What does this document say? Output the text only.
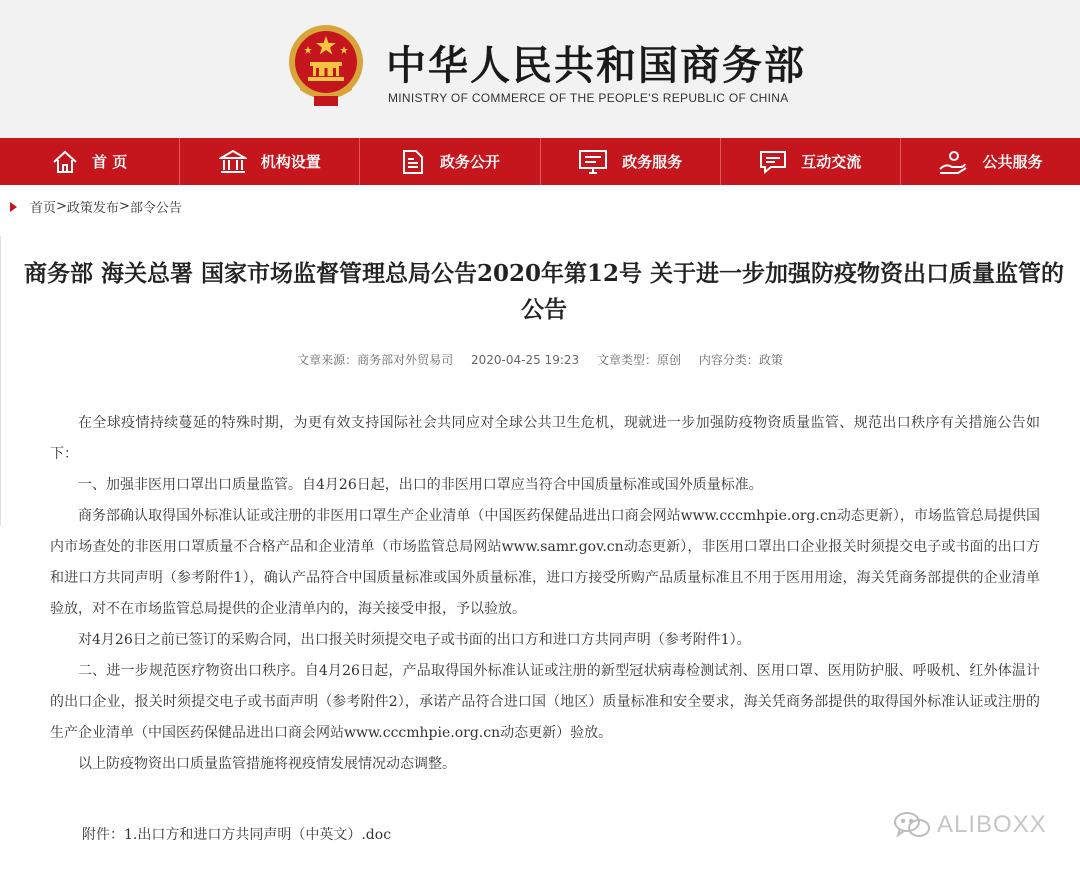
中华人民共和国商务部
MINISTRY OF COMMERCE OF THE PEOPLE'S REPUBLIC OF CHINA
首 页	机构设置	政务公开	政务服务	互动交流	公共服务
首页 > 政策发布 > 部令公告
商务部 海关总署 国家市场监督管理总局公告2020年第12号 关于进一步加强防疫物资出口质量监管的公告
文章来源：商务部对外贸易司 2020-04-25 19:23 文章类型：原创 内容分类：政策

在全球疫情持续蔓延的特殊时期，为更有效支持国际社会共同应对全球公共卫生危机，现就进一步加强防疫物资质量监管、规范出口秩序有关措施公告如下：

一、加强非医用口罩出口质量监管。自4月26日起，出口的非医用口罩应当符合中国质量标准或国外质量标准。

商务部确认取得国外标准认证或注册的非医用口罩生产企业清单（中国医药保健品进出口商会网站www.cccmhpie.org.cn动态更新），市场监管总局提供国内市场查处的非医用口罩质量不合格产品和企业清单（市场监管总局网站www.samr.gov.cn动态更新），非医用口罩出口企业报关时须提交电子或书面的出口方和进口方共同声明（参考附件1），确认产品符合中国质量标准或国外质量标准，进口方接受所购产品质量标准且不用于医用用途，海关凭商务部提供的企业清单验放，对不在市场监管总局提供的企业清单内的，海关接受申报，予以验放。

对4月26日之前已签订的采购合同，出口报关时须提交电子或书面的出口方和进口方共同声明（参考附件1）。

二、进一步规范医疗物资出口秩序。自4月26日起，产品取得国外标准认证或注册的新型冠状病毒检测试剂、医用口罩、医用防护服、呼吸机、红外体温计的出口企业，报关时须提交电子或书面声明（参考附件2），承诺产品符合进口国（地区）质量标准和安全要求，海关凭商务部提供的取得国外标准认证或注册的生产企业清单（中国医药保健品进出口商会网站www.cccmhpie.org.cn动态更新）验放。

以上防疫物资出口质量监管措施将视疫情发展情况动态调整。

附件：1.出口方和进口方共同声明（中英文）.doc	ALIBOXX
